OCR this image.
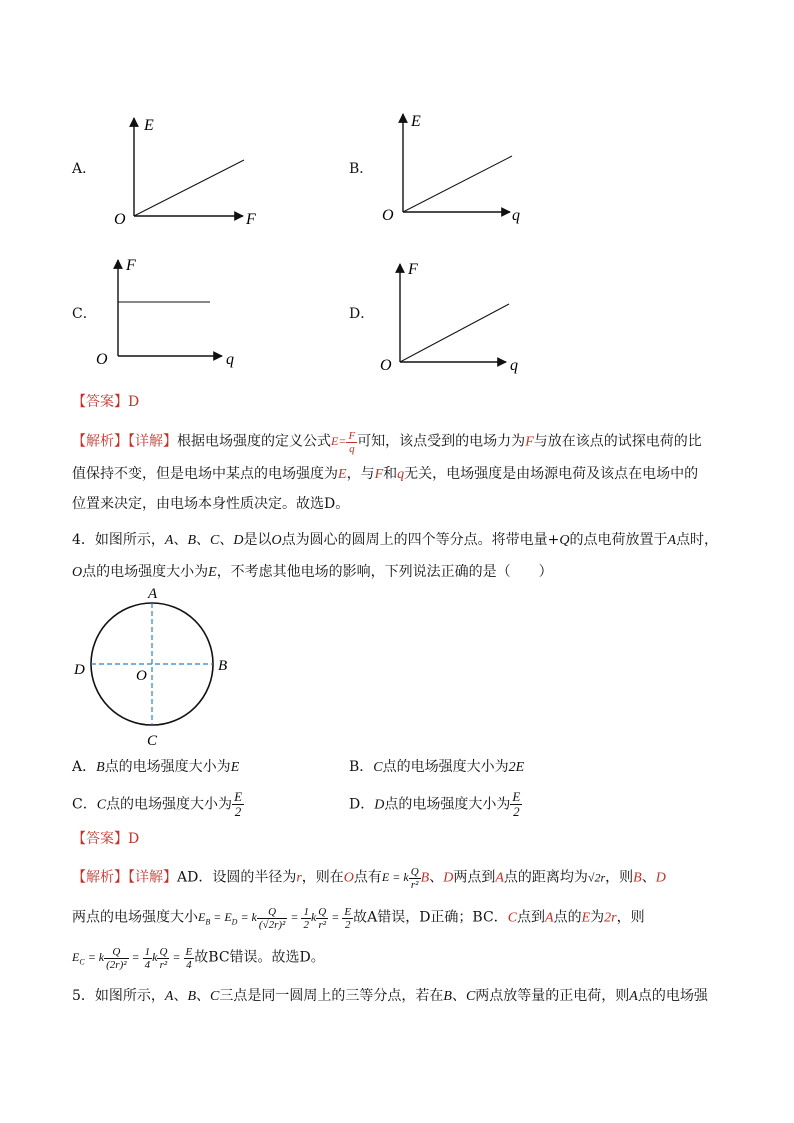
A．
E
F
O
B．
E
q
O
C．
F
q
O
D．
F
q
O
【答案】D
【解析】【详解】根据电场强度的定义公式$E= \frac{F}{q}$ 可知，该点受到的电场力为F与放在该点的试探电荷的比
值保持不变，但是电场中某点的电场强度为E，与F和q无关，电场强度是由场源电荷及该点在电场中的
位置来决定，由电场本身性质决定。故选D。
4．如图所示，A、B、C、D是以O点为圆心的圆周上的四个等分点。将带电量+Q的点电荷放置于A点时，
O点的电场强度大小为E，不考虑其他电场的影响，下列说法正确的是（　　）
A
B
C
D	O
A．B点的电场强度大小为E	B．C点的电场强度大小为2E
C．C点的电场强度大小为 $\frac{E}{2}$	D．D点的电场强度大小为 $\frac{E}{2}$
【答案】D
【解析】【详解】AD．设圆的半径为r，则在O点有E = k $\frac{Q}{\text{r²}}$ B、D两点到A点的距离均为√2r，则B、D
两点的电场强度大小$E_B = E_D = k \frac{Q}{\text{(√2r)²}} = \frac{1}{2}$ k $\frac{Q}{\text{r²}} = \frac{E}{2}$ 故A错误，D正确；BC．C点到A点的E为2r，则
$E_C = k \frac{Q}{\text{(2r)²}} = \frac{1}{4}$ k $\frac{Q}{\text{r²}} = \frac{E}{4}$ 故BC错误。故选D。
5．如图所示，A、B、C三点是同一圆周上的三等分点，若在B、C两点放等量的正电荷，则A点的电场强
